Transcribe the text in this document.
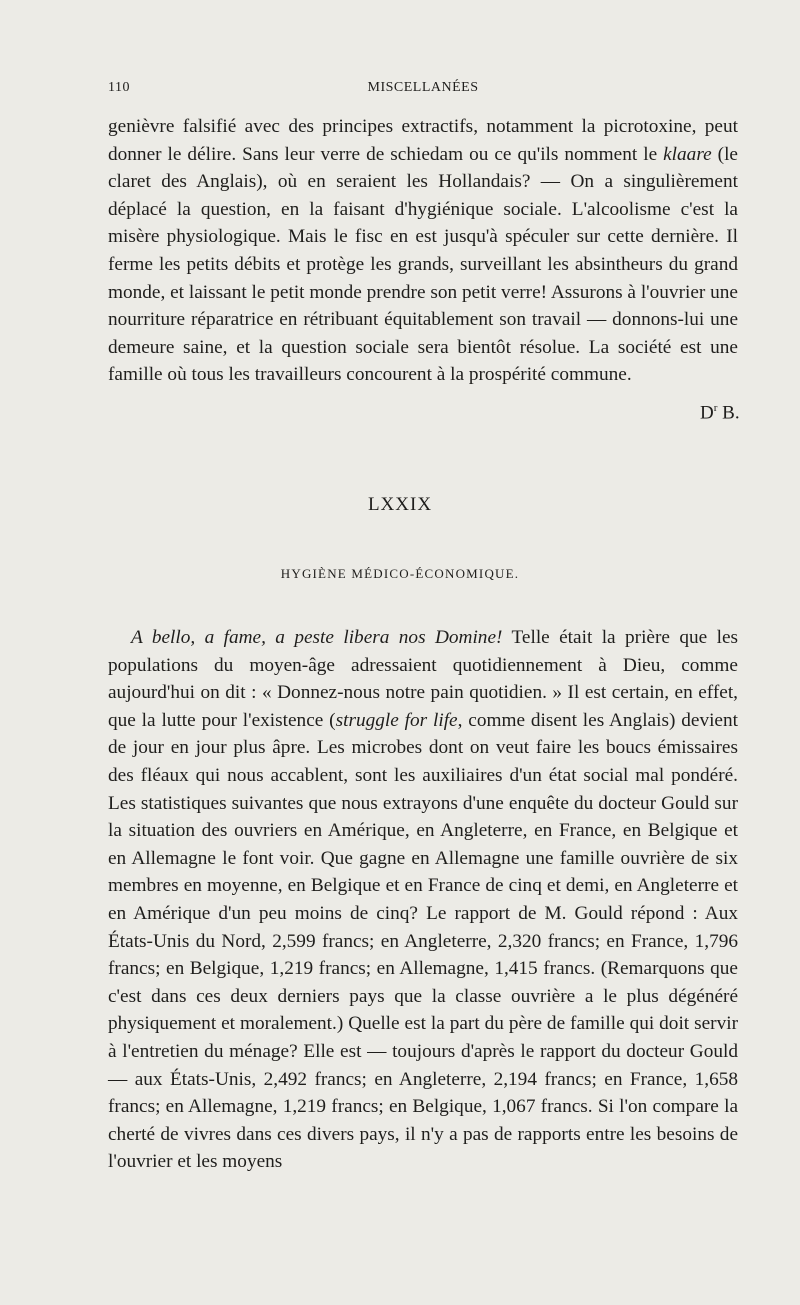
110	MISCELLANÉES

genièvre falsifié avec des principes extractifs, notamment la picrotoxine, peut donner le délire. Sans leur verre de schiedam ou ce qu'ils nomment le klaare (le claret des Anglais), où en seraient les Hollandais? — On a singulièrement déplacé la question, en la faisant d'hygiénique sociale. L'alcoolisme c'est la misère physiologique. Mais le fisc en est jusqu'à spéculer sur cette dernière. Il ferme les petits débits et protège les grands, surveillant les absintheurs du grand monde, et laissant le petit monde prendre son petit verre! Assurons à l'ouvrier une nourriture réparatrice en rétribuant équitablement son travail — donnons-lui une demeure saine, et la question sociale sera bientôt résolue. La société est une famille où tous les travailleurs concourent à la prospérité commune.

$D^r$ B.
LXXIX
HYGIÈNE MÉDICO-ÉCONOMIQUE.

A bello, a fame, a peste libera nos Domine! Telle était la prière que les populations du moyen-âge adressaient quotidiennement à Dieu, comme aujourd'hui on dit : « Donnez-nous notre pain quotidien. » Il est certain, en effet, que la lutte pour l'existence (struggle for life, comme disent les Anglais) devient de jour en jour plus âpre. Les microbes dont on veut faire les boucs émissaires des fléaux qui nous accablent, sont les auxiliaires d'un état social mal pondéré. Les statistiques suivantes que nous extrayons d'une enquête du docteur Gould sur la situation des ouvriers en Amérique, en Angleterre, en France, en Belgique et en Allemagne le font voir. Que gagne en Allemagne une famille ouvrière de six membres en moyenne, en Belgique et en France de cinq et demi, en Angleterre et en Amérique d'un peu moins de cinq? Le rapport de M. Gould répond : Aux États-Unis du Nord, 2,599 francs; en Angleterre, 2,320 francs; en France, 1,796 francs; en Belgique, 1,219 francs; en Allemagne, 1,415 francs. (Remarquons que c'est dans ces deux derniers pays que la classe ouvrière a le plus dégénéré physiquement et moralement.) Quelle est la part du père de famille qui doit servir à l'entretien du ménage? Elle est — toujours d'après le rapport du docteur Gould — aux États-Unis, 2,492 francs; en Angleterre, 2,194 francs; en France, 1,658 francs; en Allemagne, 1,219 francs; en Belgique, 1,067 francs. Si l'on compare la cherté de vivres dans ces divers pays, il n'y a pas de rapports entre les besoins de l'ouvrier et les moyens
